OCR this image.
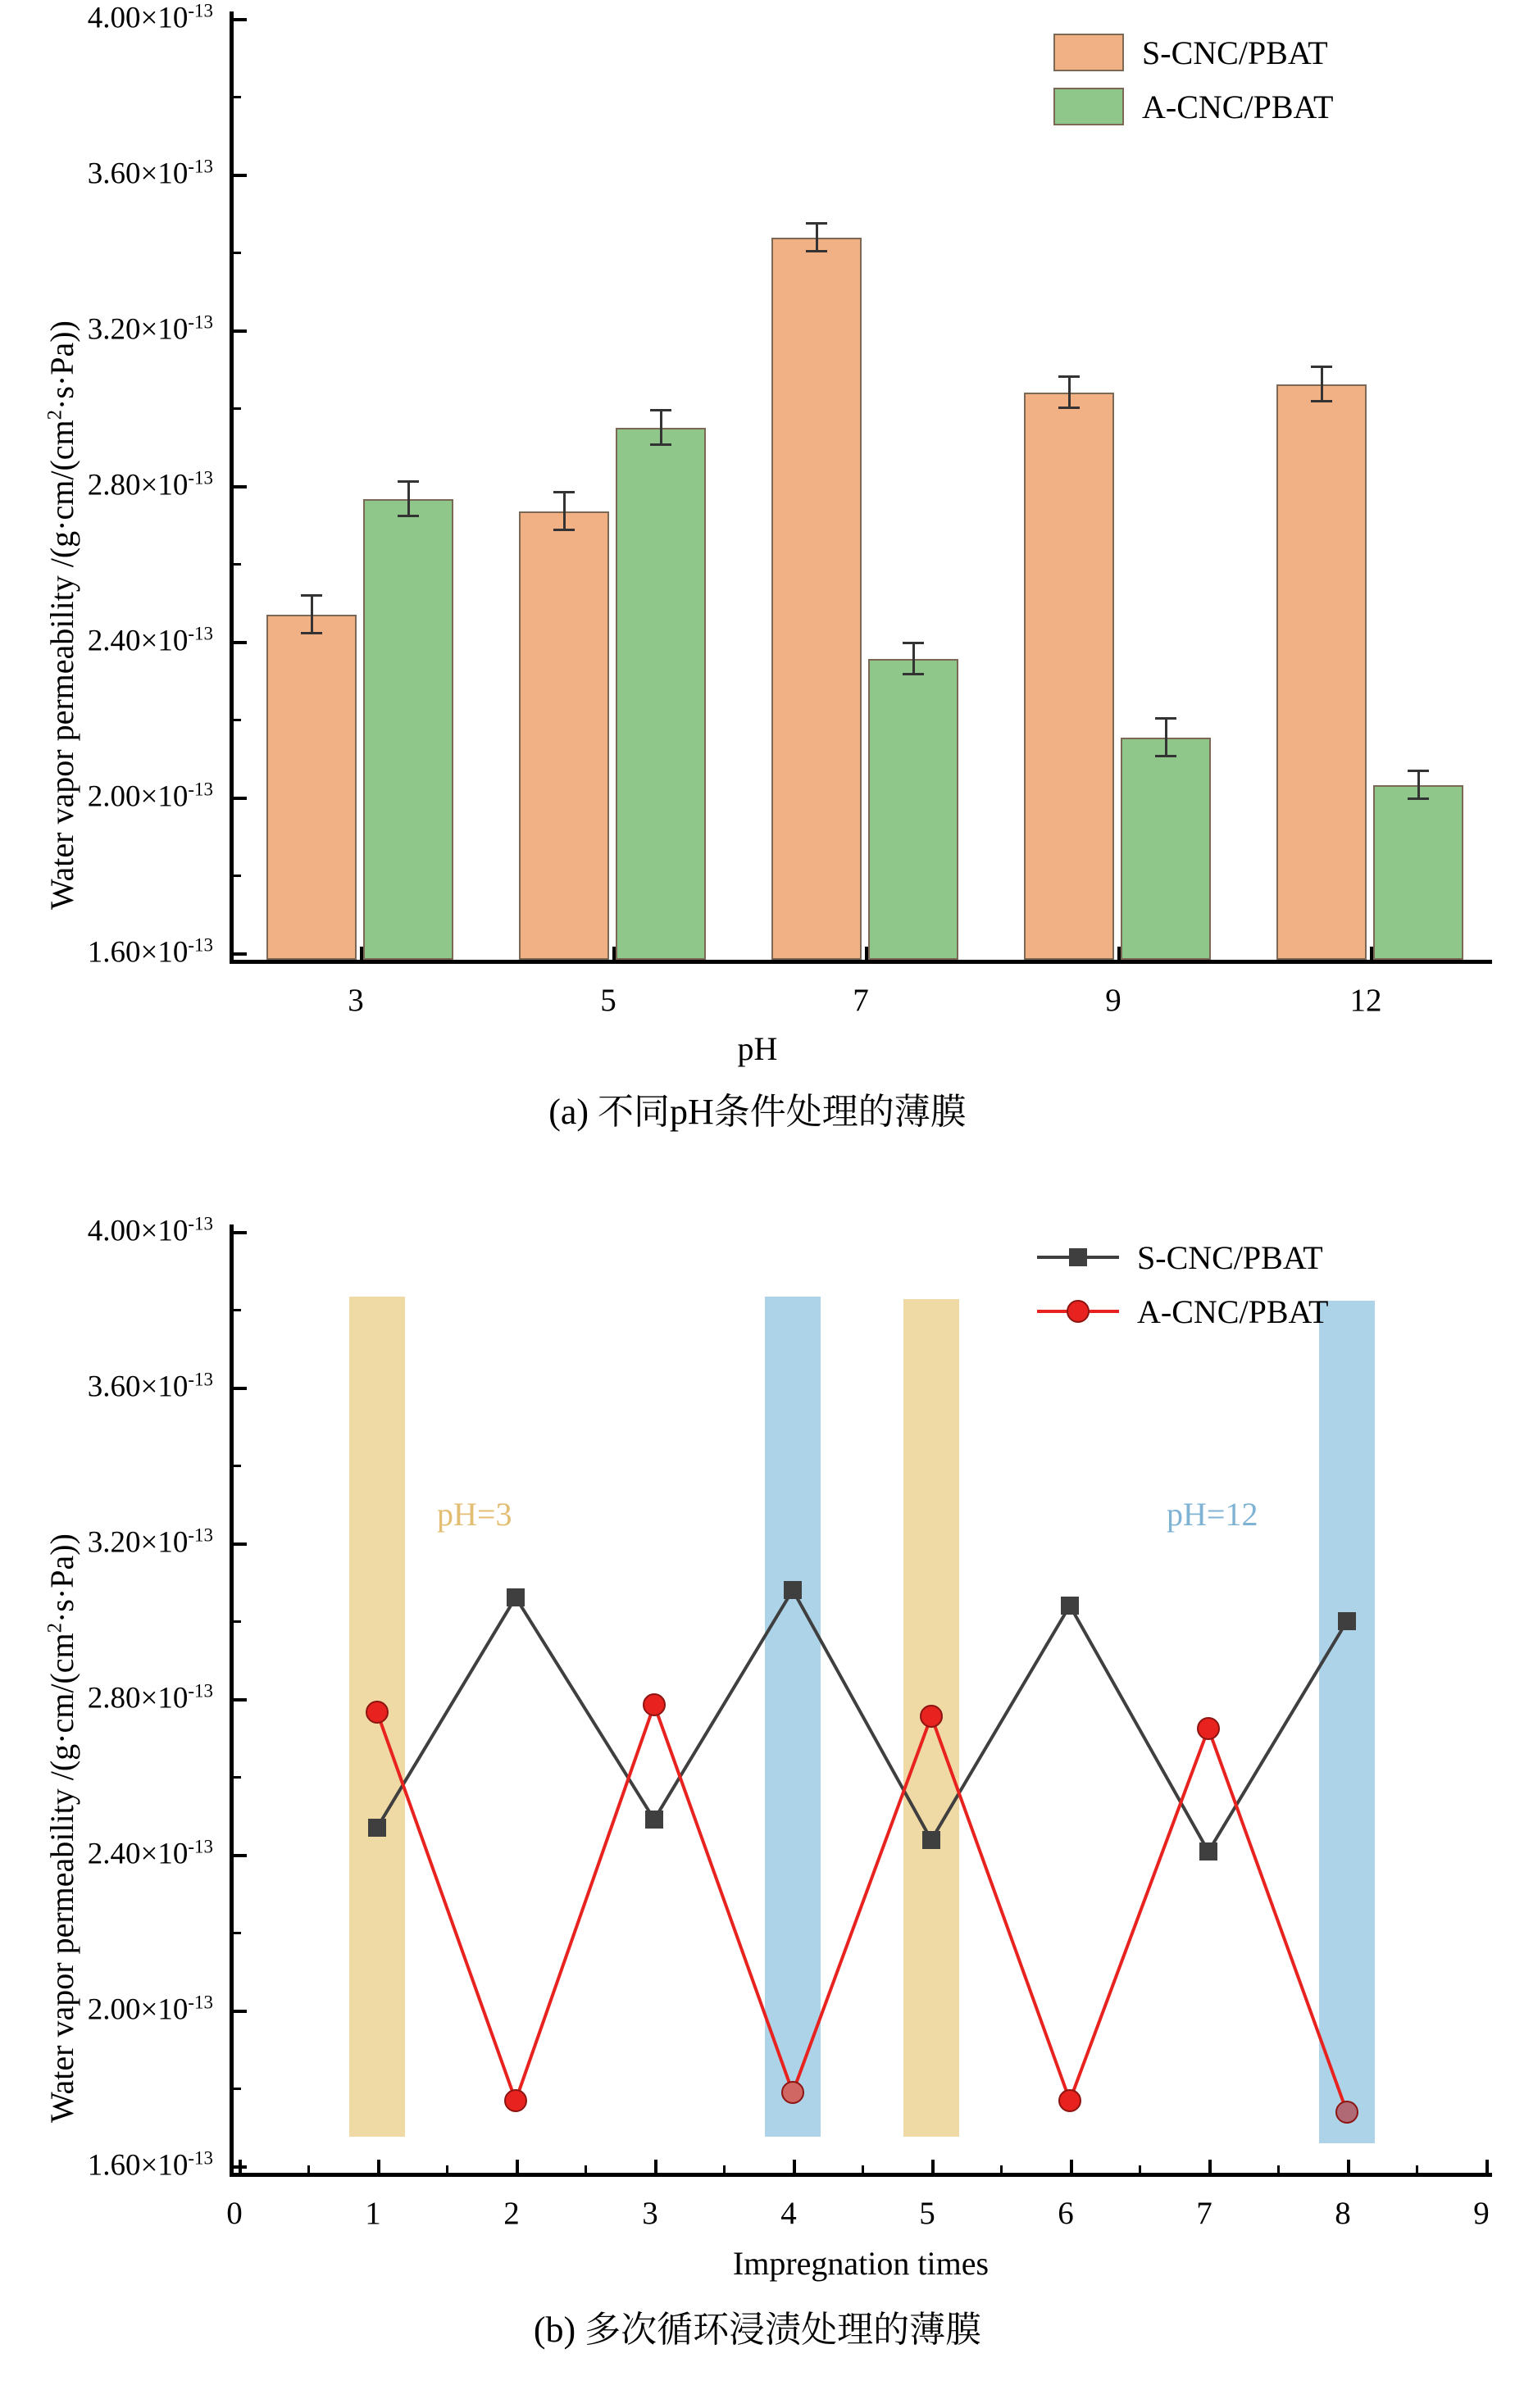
Water vapor permeability $/(g\cdot cm/(cm^2\cdot s\cdot Pa))$
$1.60\times 10^{-13}$
$2.00\times 10^{-13}$
$2.40\times 10^{-13}$
$2.80\times 10^{-13}$
$3.20\times 10^{-13}$
$3.60\times 10^{-13}$
$4.00\times 10^{-13}$
S-CNC/PBAT
A-CNC/PBAT
3	5	7	9	12
pH
(a) 不同pH条件处理的薄膜
Water vapor permeability $/(g\cdot cm/(cm^2\cdot s\cdot Pa))$
$1.60\times 10^{-13}$
$2.00\times 10^{-13}$
$2.40\times 10^{-13}$
$2.80\times 10^{-13}$
$3.20\times 10^{-13}$
$3.60\times 10^{-13}$
$4.00\times 10^{-13}$
pH=3	pH=12
S-CNC/PBAT
A-CNC/PBAT
0	1	2	3	4	5	6	7	8	9
Impregnation times
(b) 多次循环浸渍处理的薄膜
